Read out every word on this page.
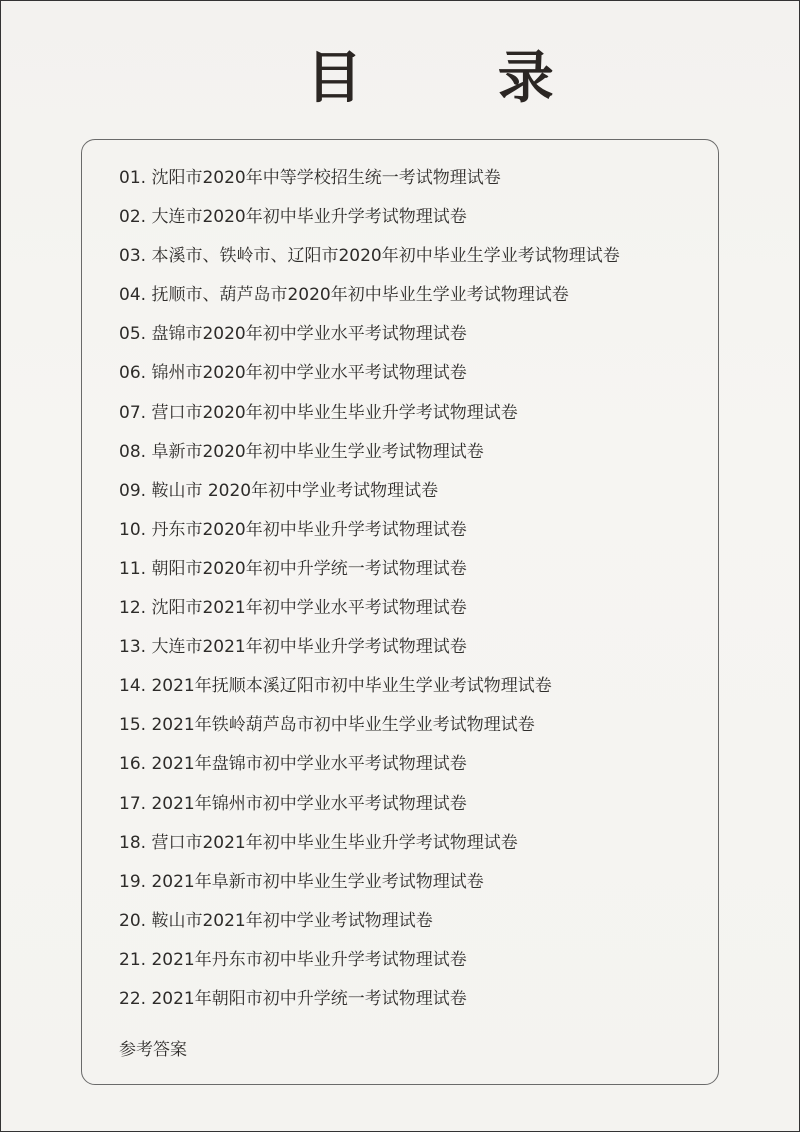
目 录
01. 沈阳市2020年中等学校招生统一考试物理试卷
02. 大连市2020年初中毕业升学考试物理试卷
03. 本溪市、铁岭市、辽阳市2020年初中毕业生学业考试物理试卷
04. 抚顺市、葫芦岛市2020年初中毕业生学业考试物理试卷
05. 盘锦市2020年初中学业水平考试物理试卷
06. 锦州市2020年初中学业水平考试物理试卷
07. 营口市2020年初中毕业生毕业升学考试物理试卷
08. 阜新市2020年初中毕业生学业考试物理试卷
09. 鞍山市 2020年初中学业考试物理试卷
10. 丹东市2020年初中毕业升学考试物理试卷
11. 朝阳市2020年初中升学统一考试物理试卷
12. 沈阳市2021年初中学业水平考试物理试卷
13. 大连市2021年初中毕业升学考试物理试卷
14. 2021年抚顺本溪辽阳市初中毕业生学业考试物理试卷
15. 2021年铁岭葫芦岛市初中毕业生学业考试物理试卷
16. 2021年盘锦市初中学业水平考试物理试卷
17. 2021年锦州市初中学业水平考试物理试卷
18. 营口市2021年初中毕业生毕业升学考试物理试卷
19. 2021年阜新市初中毕业生学业考试物理试卷
20. 鞍山市2021年初中学业考试物理试卷
21. 2021年丹东市初中毕业升学考试物理试卷
22. 2021年朝阳市初中升学统一考试物理试卷
参考答案
